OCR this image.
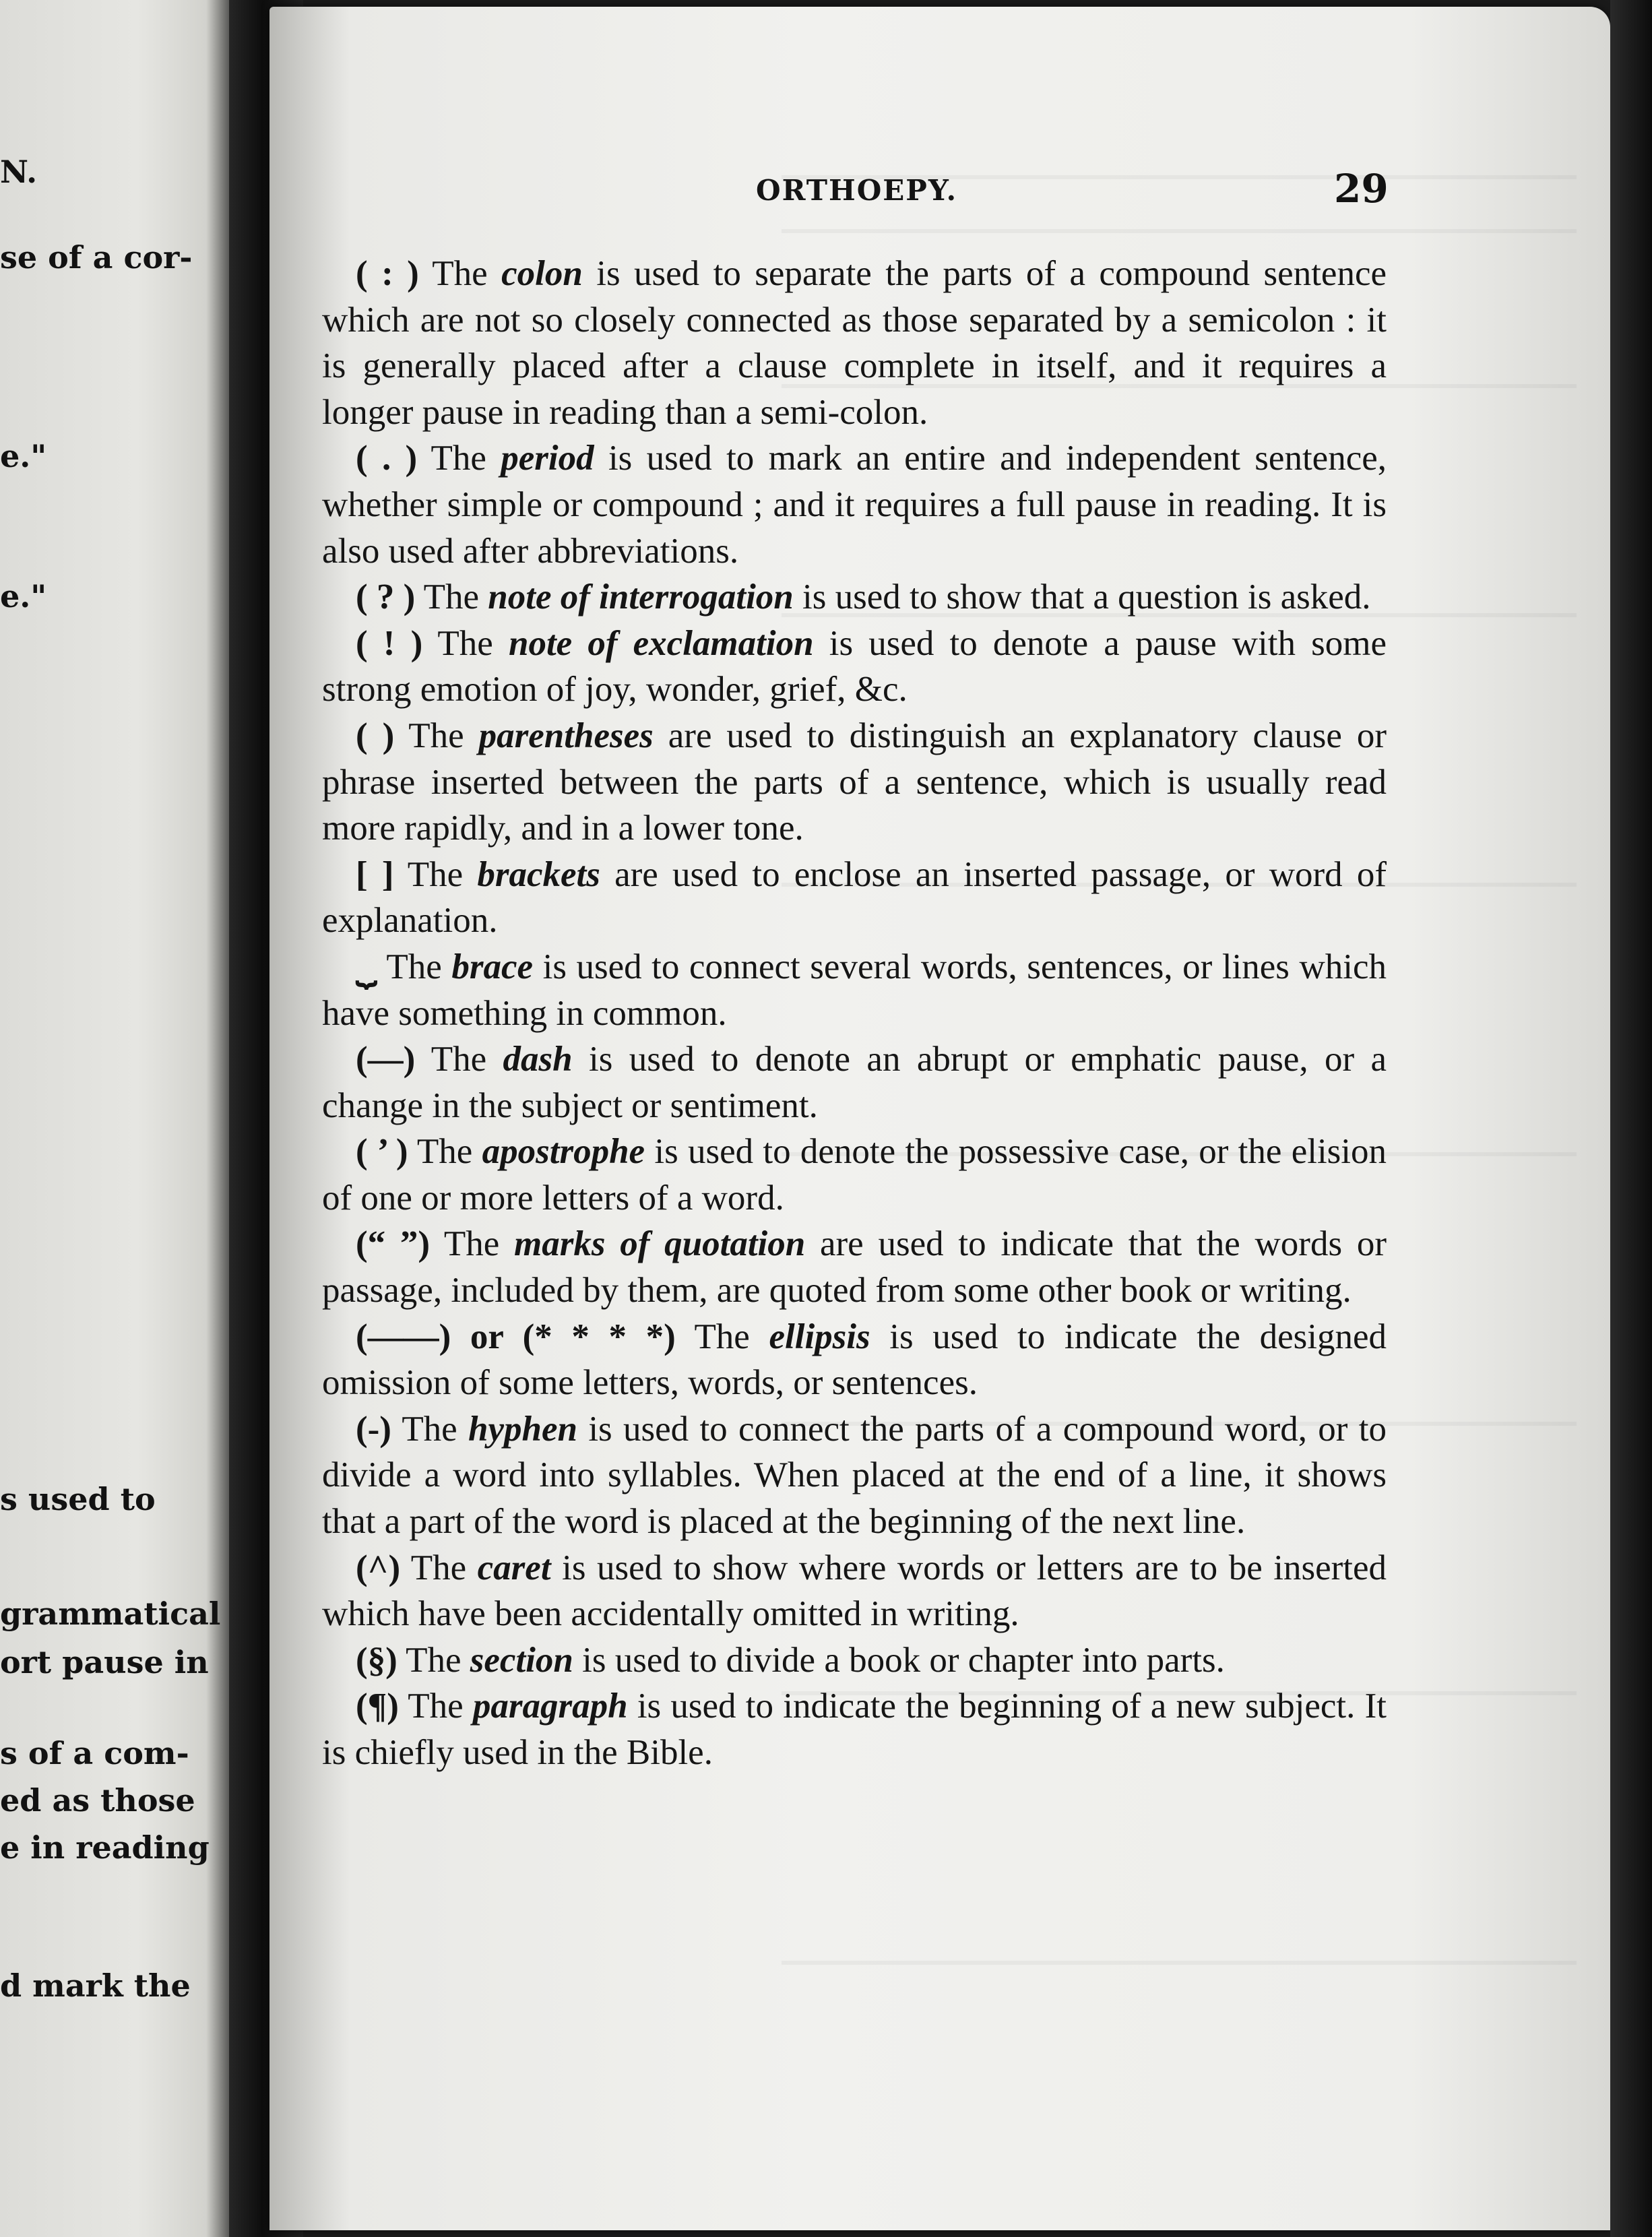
N.
se of a cor-
e."
e."
s used to
grammatical
ort pause in
s of a com-
ed as those
e in reading
d mark the
ORTHOEPY.	29

( : ) The colon is used to separate the parts of a compound sentence which are not so closely connected as those separated by a semicolon : it is generally placed after a clause complete in itself, and it requires a longer pause in reading than a semi-colon.

( . ) The period is used to mark an entire and independent sentence, whether simple or compound ; and it requires a full pause in reading. It is also used after abbreviations.

( ? ) The note of interrogation is used to show that a question is asked.

( ! ) The note of exclamation is used to denote a pause with some strong emotion of joy, wonder, grief, &c.

( ) The parentheses are used to distinguish an explanatory clause or phrase inserted between the parts of a sentence, which is usually read more rapidly, and in a lower tone.

[ ] The brackets are used to enclose an inserted passage, or word of explanation.

⏟ The brace is used to connect several words, sentences, or lines which have something in common.

(—) The dash is used to denote an abrupt or emphatic pause, or a change in the subject or sentiment.

( ’ ) The apostrophe is used to denote the possessive case, or the elision of one or more letters of a word.

(“ ”) The marks of quotation are used to indicate that the words or passage, included by them, are quoted from some other book or writing.

(——) or (* * * *) The ellipsis is used to indicate the designed omission of some letters, words, or sentences.

(-) The hyphen is used to connect the parts of a compound word, or to divide a word into syllables. When placed at the end of a line, it shows that a part of the word is placed at the beginning of the next line.

(^) The caret is used to show where words or letters are to be inserted which have been accidentally omitted in writing.

(§) The section is used to divide a book or chapter into parts.

(¶) The paragraph is used to indicate the beginning of a new subject. It is chiefly used in the Bible.
